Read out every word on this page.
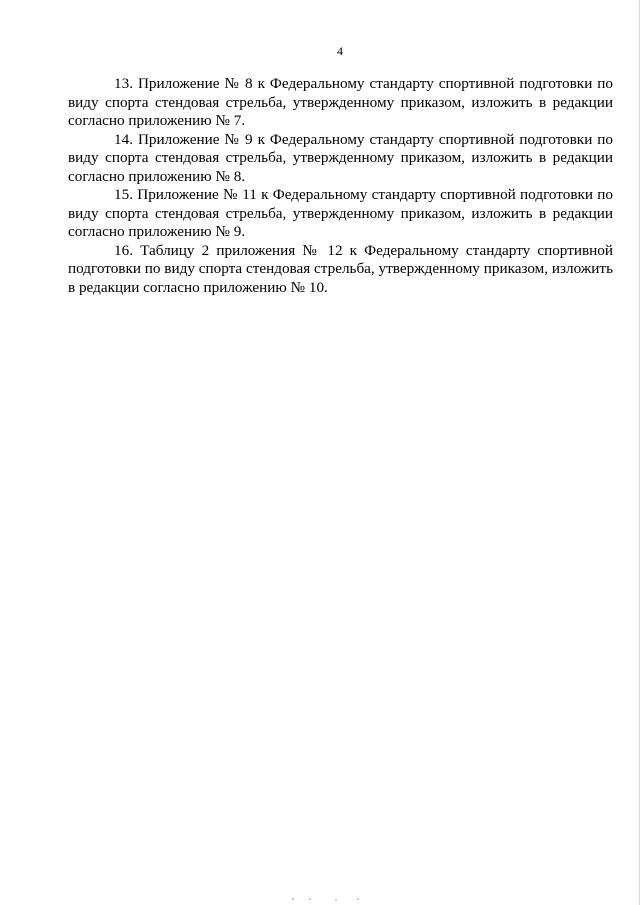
4

13. Приложение № 8 к Федеральному стандарту спортивной подготовки по виду спорта стендовая стрельба, утвержденному приказом, изложить в редакции согласно приложению № 7.

14. Приложение № 9 к Федеральному стандарту спортивной подготовки по виду спорта стендовая стрельба, утвержденному приказом, изложить в редакции согласно приложению № 8.

15. Приложение № 11 к Федеральному стандарту спортивной подготовки по виду спорта стендовая стрельба, утвержденному приказом, изложить в редакции согласно приложению № 9.

16. Таблицу 2 приложения № 12 к Федеральному стандарту спортивной подготовки по виду спорта стендовая стрельба, утвержденному приказом, изложить в редакции согласно приложению № 10.
